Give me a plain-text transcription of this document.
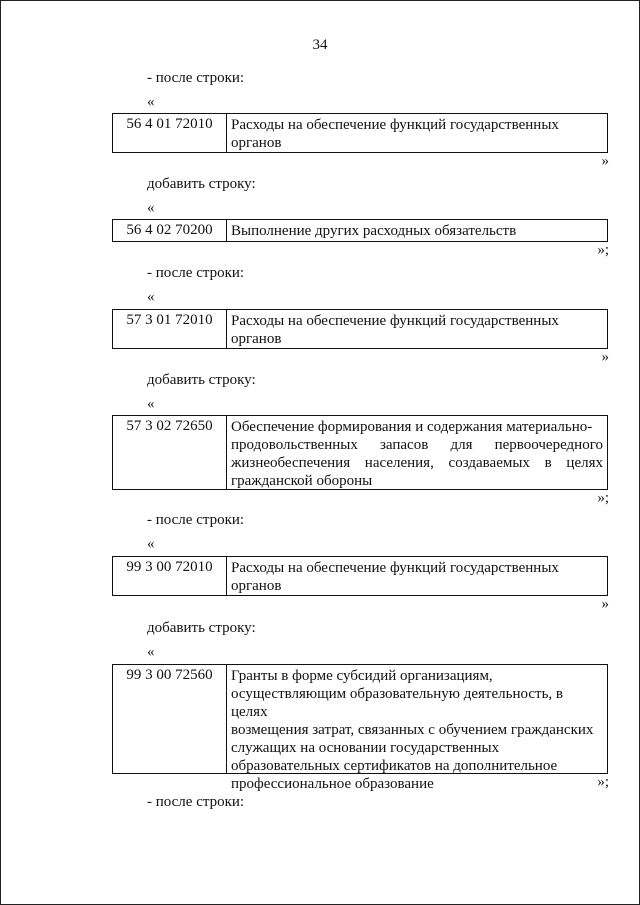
34
- после строки:
«
56 4 01 72010	Расходы на обеспечение функций государственных
органов
»
добавить строку:
«
56 4 02 70200	Выполнение других расходных обязательств
»;
- после строки:
«
57 3 01 72010	Расходы на обеспечение функций государственных
органов
»
добавить строку:
«
57 3 02 72650	Обеспечение формирования и содержания материально-
продовольственных запасов для первоочередного
жизнеобеспечения населения, создаваемых в целях
гражданской обороны
»;
- после строки:
«
99 3 00 72010	Расходы на обеспечение функций государственных
органов
»
добавить строку:
«
99 3 00 72560	Гранты в форме субсидий организациям,
осуществляющим образовательную деятельность, в целях
возмещения затрат, связанных с обучением гражданских
служащих на основании государственных
образовательных сертификатов на дополнительное
профессиональное образование	»;
- после строки:
